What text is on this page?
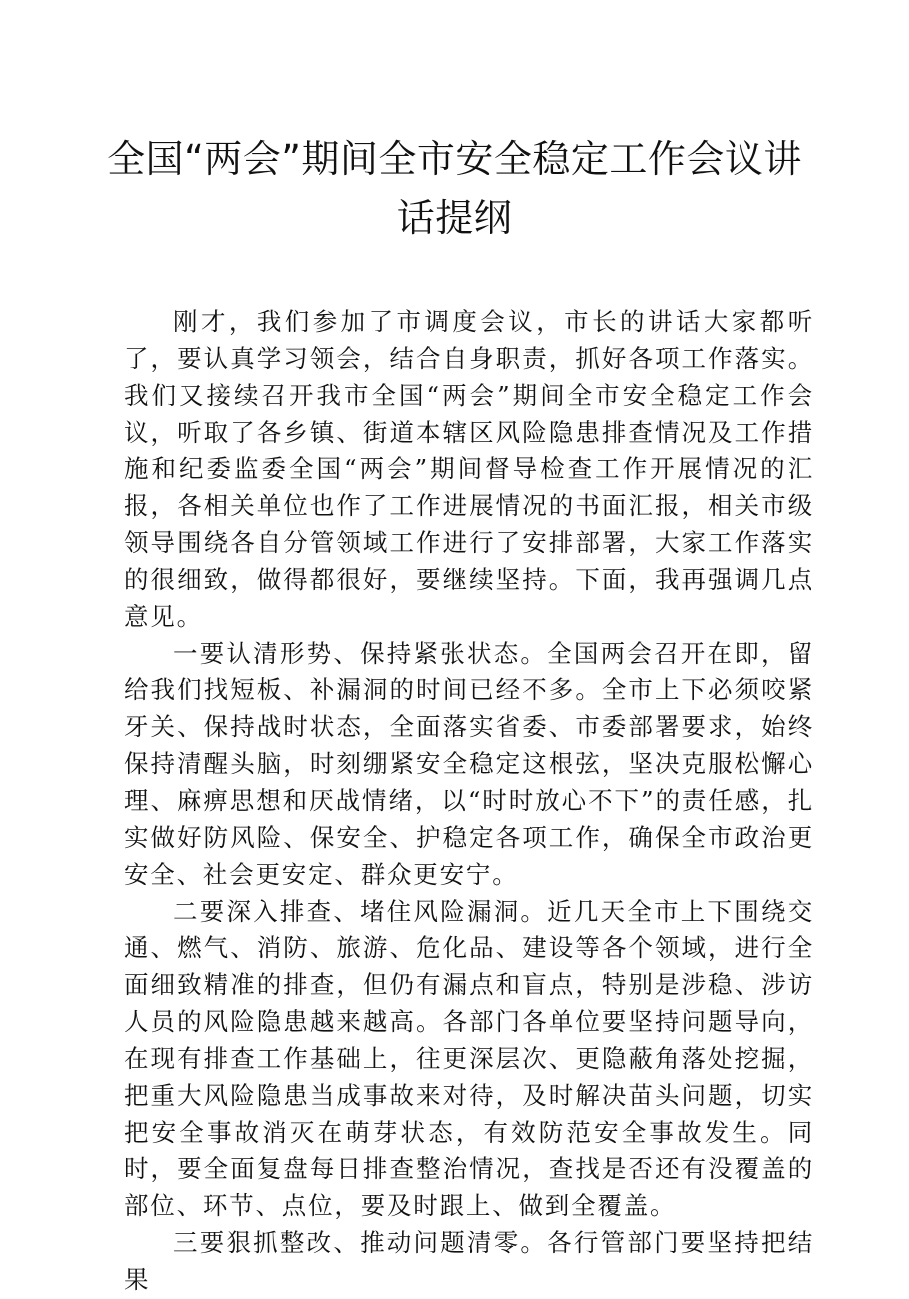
全国“两会”期间全市安全稳定工作会议讲话提纲

刚才，我们参加了市调度会议，市长的讲话大家都听了，要认真学习领会，结合自身职责，抓好各项工作落实。我们又接续召开我市全国“两会”期间全市安全稳定工作会议，听取了各乡镇、街道本辖区风险隐患排查情况及工作措施和纪委监委全国“两会”期间督导检查工作开展情况的汇报，各相关单位也作了工作进展情况的书面汇报，相关市级领导围绕各自分管领域工作进行了安排部署，大家工作落实的很细致，做得都很好，要继续坚持。下面，我再强调几点意见。

一要认清形势、保持紧张状态。全国两会召开在即，留给我们找短板、补漏洞的时间已经不多。全市上下必须咬紧牙关、保持战时状态，全面落实省委、市委部署要求，始终保持清醒头脑，时刻绷紧安全稳定这根弦，坚决克服松懈心理、麻痹思想和厌战情绪，以“时时放心不下”的责任感，扎实做好防风险、保安全、护稳定各项工作，确保全市政治更安全、社会更安定、群众更安宁。

二要深入排查、堵住风险漏洞。近几天全市上下围绕交通、燃气、消防、旅游、危化品、建设等各个领域，进行全面细致精准的排查，但仍有漏点和盲点，特别是涉稳、涉访人员的风险隐患越来越高。各部门各单位要坚持问题导向，在现有排查工作基础上，往更深层次、更隐蔽角落处挖掘，把重大风险隐患当成事故来对待，及时解决苗头问题，切实把安全事故消灭在萌芽状态，有效防范安全事故发生。同时，要全面复盘每日排查整治情况，查找是否还有没覆盖的部位、环节、点位，要及时跟上、做到全覆盖。

三要狠抓整改、推动问题清零。各行管部门要坚持把结果
